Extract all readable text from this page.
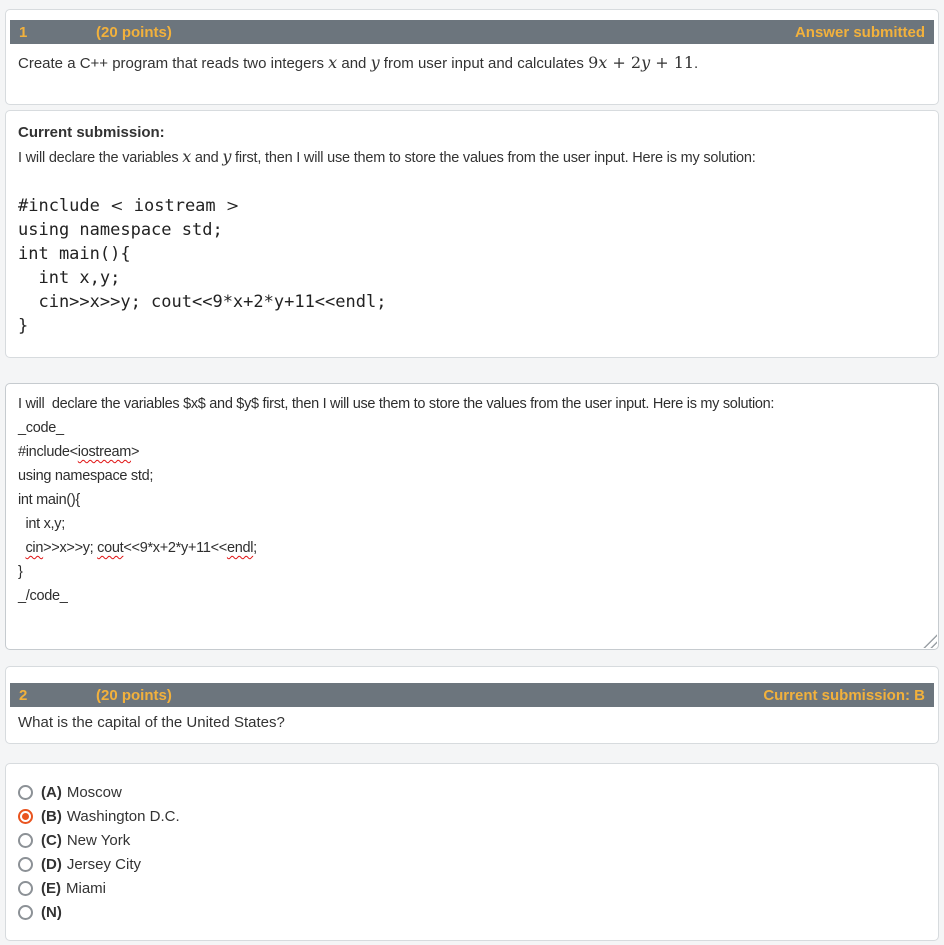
1	(20 points)	Answer submitted
Create a C++ program that reads two integers x and y from user input and calculates 9x + 2y + 11.
Current submission:
I will declare the variables x and y first, then I will use them to store the values from the user input. Here is my solution:
#include < iostream >
using namespace std;
int main(){
int x,y;
cin>>x>>y; cout<<9*x+2*y+11<<endl;
}
I will  declare the variables $x$ and $y$ first, then I will use them to store the values from the user input. Here is my solution:
_code_
#include<iostream>
using namespace std;
int main(){
int x,y;
cin>>x>>y; cout<<9*x+2*y+11<<endl;
}
_/code_
2	(20 points)	Current submission: B
What is the capital of the United States?
(A) Moscow
(B) Washington D.C.
(C) New York
(D) Jersey City
(E) Miami
(N)
